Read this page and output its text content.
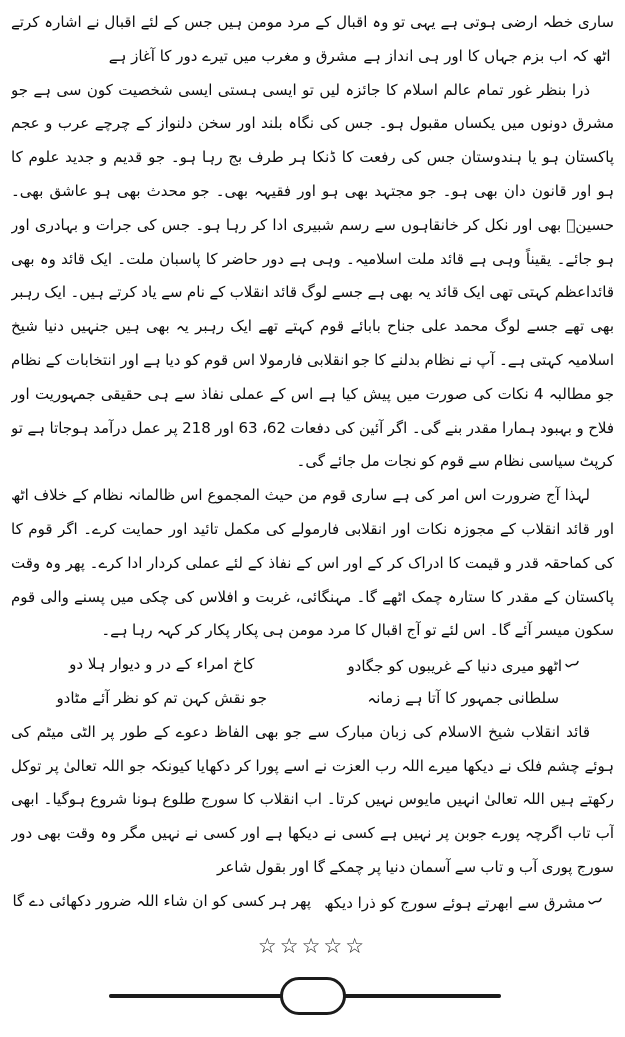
ساری خطہ ارضی ہوتی ہے یہی تو وہ اقبال کے مرد مومن ہیں جس کے لئے اقبال نے اشارہ کرتے
اٹھ کہ اب بزم جہاں کا اور ہی انداز ہے
مشرق و مغرب میں تیرے دور کا آغاز ہے
ذرا بنظر غور تمام عالم اسلام کا جائزہ لیں تو ایسی ہستی ایسی شخصیت کون سی ہے جو
مشرق دونوں میں یکساں مقبول ہو۔ جس کی نگاہ بلند اور سخن دلنواز کے چرچے عرب و عجم
پاکستان ہو یا ہندوستان جس کی رفعت کا ڈنکا ہر طرف بج رہا ہو۔ جو قدیم و جدید علوم کا
ہو اور قانون دان بھی ہو۔ جو مجتہد بھی ہو اور فقیہہ بھی۔ جو محدث بھی ہو عاشق بھی۔
حسینؓ بھی اور نکل کر خانقاہوں سے رسم شبیری ادا کر رہا ہو۔ جس کی جرات و بہادری اور
ہو جائے۔ یقیناً وہی ہے قائد ملت اسلامیہ۔ وہی ہے دور حاضر کا پاسبان ملت۔ ایک قائد وہ بھی
قائداعظم کہتی تھی ایک قائد یہ بھی ہے جسے لوگ قائد انقلاب کے نام سے یاد کرتے ہیں۔ ایک رہبر
بھی تھے جسے لوگ محمد علی جناح بابائے قوم کہتے تھے ایک رہبر یہ بھی ہیں جنہیں دنیا شیخ
اسلامیہ کہتی ہے۔ آپ نے نظام بدلنے کا جو انقلابی فارمولا اس قوم کو دیا ہے اور انتخابات کے نظام
جو مطالبہ 4 نکات کی صورت میں پیش کیا ہے اس کے عملی نفاذ سے ہی حقیقی جمہوریت اور
فلاح و بہبود ہمارا مقدر بنے گی۔ اگر آئین کی دفعات 62، 63 اور 218 پر عمل درآمد ہوجاتا ہے تو
کرپٹ سیاسی نظام سے قوم کو نجات مل جائے گی۔
لہذا آج ضرورت اس امر کی ہے ساری قوم من حیث المجموع اس ظالمانہ نظام کے خلاف اٹھ
اور قائد انقلاب کے مجوزہ نکات اور انقلابی فارمولے کی مکمل تائید اور حمایت کرے۔ اگر قوم کا
کی کماحقہ قدر و قیمت کا ادراک کر کے اور اس کے نفاذ کے لئے عملی کردار ادا کرے۔ پھر وہ وقت
پاکستان کے مقدر کا ستارہ چمک اٹھے گا۔ مہنگائی، غربت و افلاس کی چکی میں پسنے والی قوم
سکون میسر آئے گا۔ اس لئے تو آج اقبال کا مرد مومن ہی پکار پکار کر کہہ رہا ہے۔
اٹھو میری دنیا کے غریبوں کو جگادو
کاخ امراء کے در و دیوار ہلا دو
سلطانی جمہور کا آتا ہے زمانہ
جو نقش کہن تم کو نظر آئے مٹادو
قائد انقلاب شیخ الاسلام کی زبان مبارک سے جو بھی الفاظ دعوے کے طور پر الٹی میٹم کی
ہوئے چشم فلک نے دیکھا میرے اللہ رب العزت نے اسے پورا کر دکھایا کیونکہ جو اللہ تعالیٰ پر توکل
رکھتے ہیں اللہ تعالیٰ انہیں مایوس نہیں کرتا۔ اب انقلاب کا سورج طلوع ہونا شروع ہوگیا۔ ابھی
آب تاب اگرچہ پورے جوبن پر نہیں ہے کسی نے دیکھا ہے اور کسی نے نہیں مگر وہ وقت بھی دور
سورج پوری آب و تاب سے آسمان دنیا پر چمکے گا اور بقول شاعر
مشرق سے ابھرتے ہوئے سورج کو ذرا دیکھ
پھر ہر کسی کو ان شاء اللہ ضرور دکھائی دے گا
☆☆☆☆☆
